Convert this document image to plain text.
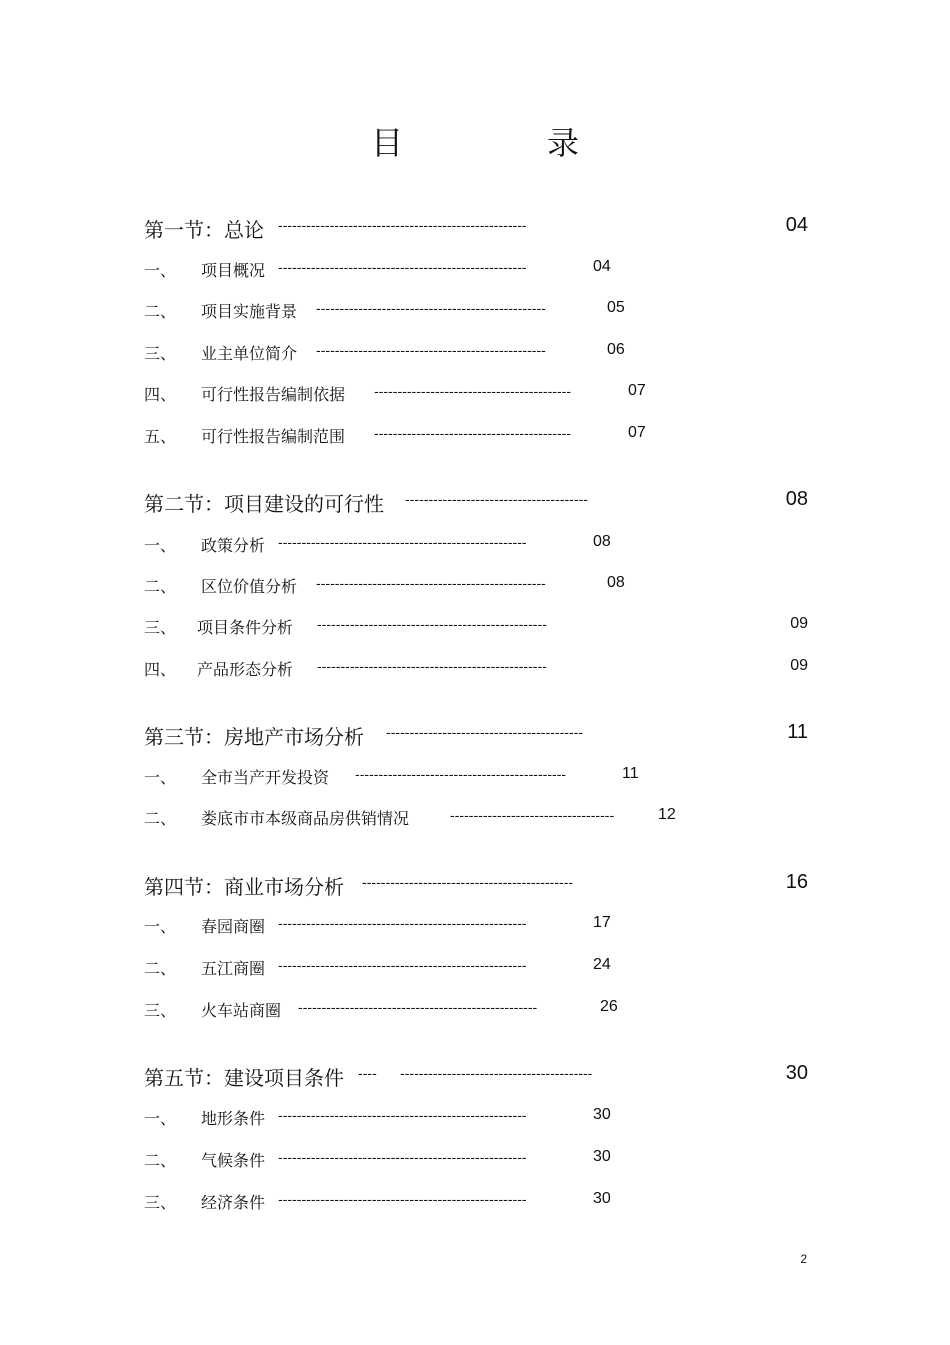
目　录
第一节：总论 -----------------------------------------------------	04
一、 项目概况 -----------------------------------------------------	04
二、 项目实施背景 -------------------------------------------------	05
三、 业主单位简介 -------------------------------------------------	06
四、 可行性报告编制依据 ------------------------------------------	07
五、 可行性报告编制范围 ------------------------------------------	07
第二节：项目建设的可行性 ---------------------------------------	08
一、 政策分析 -----------------------------------------------------	08
二、 区位价值分析 -------------------------------------------------	08
三、 项目条件分析 -------------------------------------------------	09
四、 产品形态分析 -------------------------------------------------	09
第三节：房地产市场分析 ------------------------------------------	11
一、 全市当产开发投资 ---------------------------------------------	11
二、 娄底市市本级商品房供销情况	-----------------------------------	12
第四节：商业市场分析 ---------------------------------------------	16
一、 春园商圈 -----------------------------------------------------	17
二、 五江商圈 -----------------------------------------------------	24
三、 火车站商圈 ---------------------------------------------------	26
第五节：建设项目条件 ---- -----------------------------------------	30
一、 地形条件 -----------------------------------------------------	30
二、 气候条件 -----------------------------------------------------	30
三、 经济条件 -----------------------------------------------------	30
2
